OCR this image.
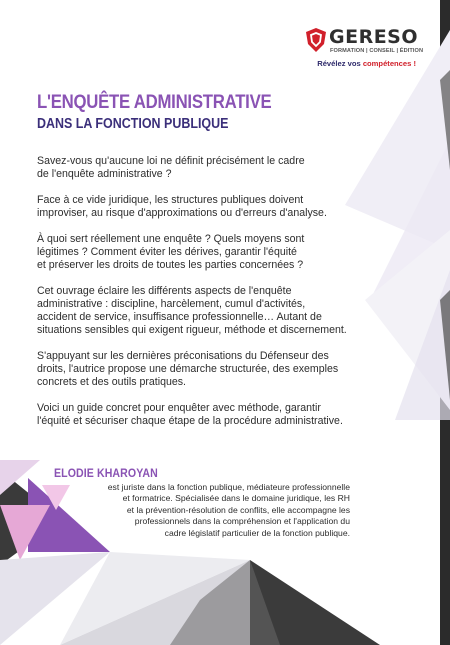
GERESO
FORMATION | CONSEIL | ÉDITION
Révélez vos compétences !
L'ENQUÊTE ADMINISTRATIVE
DANS LA FONCTION PUBLIQUE

Savez-vous qu'aucune loi ne définit précisément le cadre
de l'enquête administrative ?

Face à ce vide juridique, les structures publiques doivent
improviser, au risque d'approximations ou d'erreurs d'analyse.

À quoi sert réellement une enquête ? Quels moyens sont
légitimes ? Comment éviter les dérives, garantir l'équité
et préserver les droits de toutes les parties concernées ?

Cet ouvrage éclaire les différents aspects de l'enquête
administrative : discipline, harcèlement, cumul d'activités,
accident de service, insuffisance professionnelle… Autant de
situations sensibles qui exigent rigueur, méthode et discernement.

S'appuyant sur les dernières préconisations du Défenseur des
droits, l'autrice propose une démarche structurée, des exemples
concrets et des outils pratiques.

Voici un guide concret pour enquêter avec méthode, garantir
l'équité et sécuriser chaque étape de la procédure administrative.

ELODIE KHAROYAN
est juriste dans la fonction publique, médiateure professionnelle
et formatrice. Spécialisée dans le domaine juridique, les RH
et la prévention-résolution de conflits, elle accompagne les
professionnels dans la compréhension et l'application du
cadre législatif particulier de la fonction publique.
